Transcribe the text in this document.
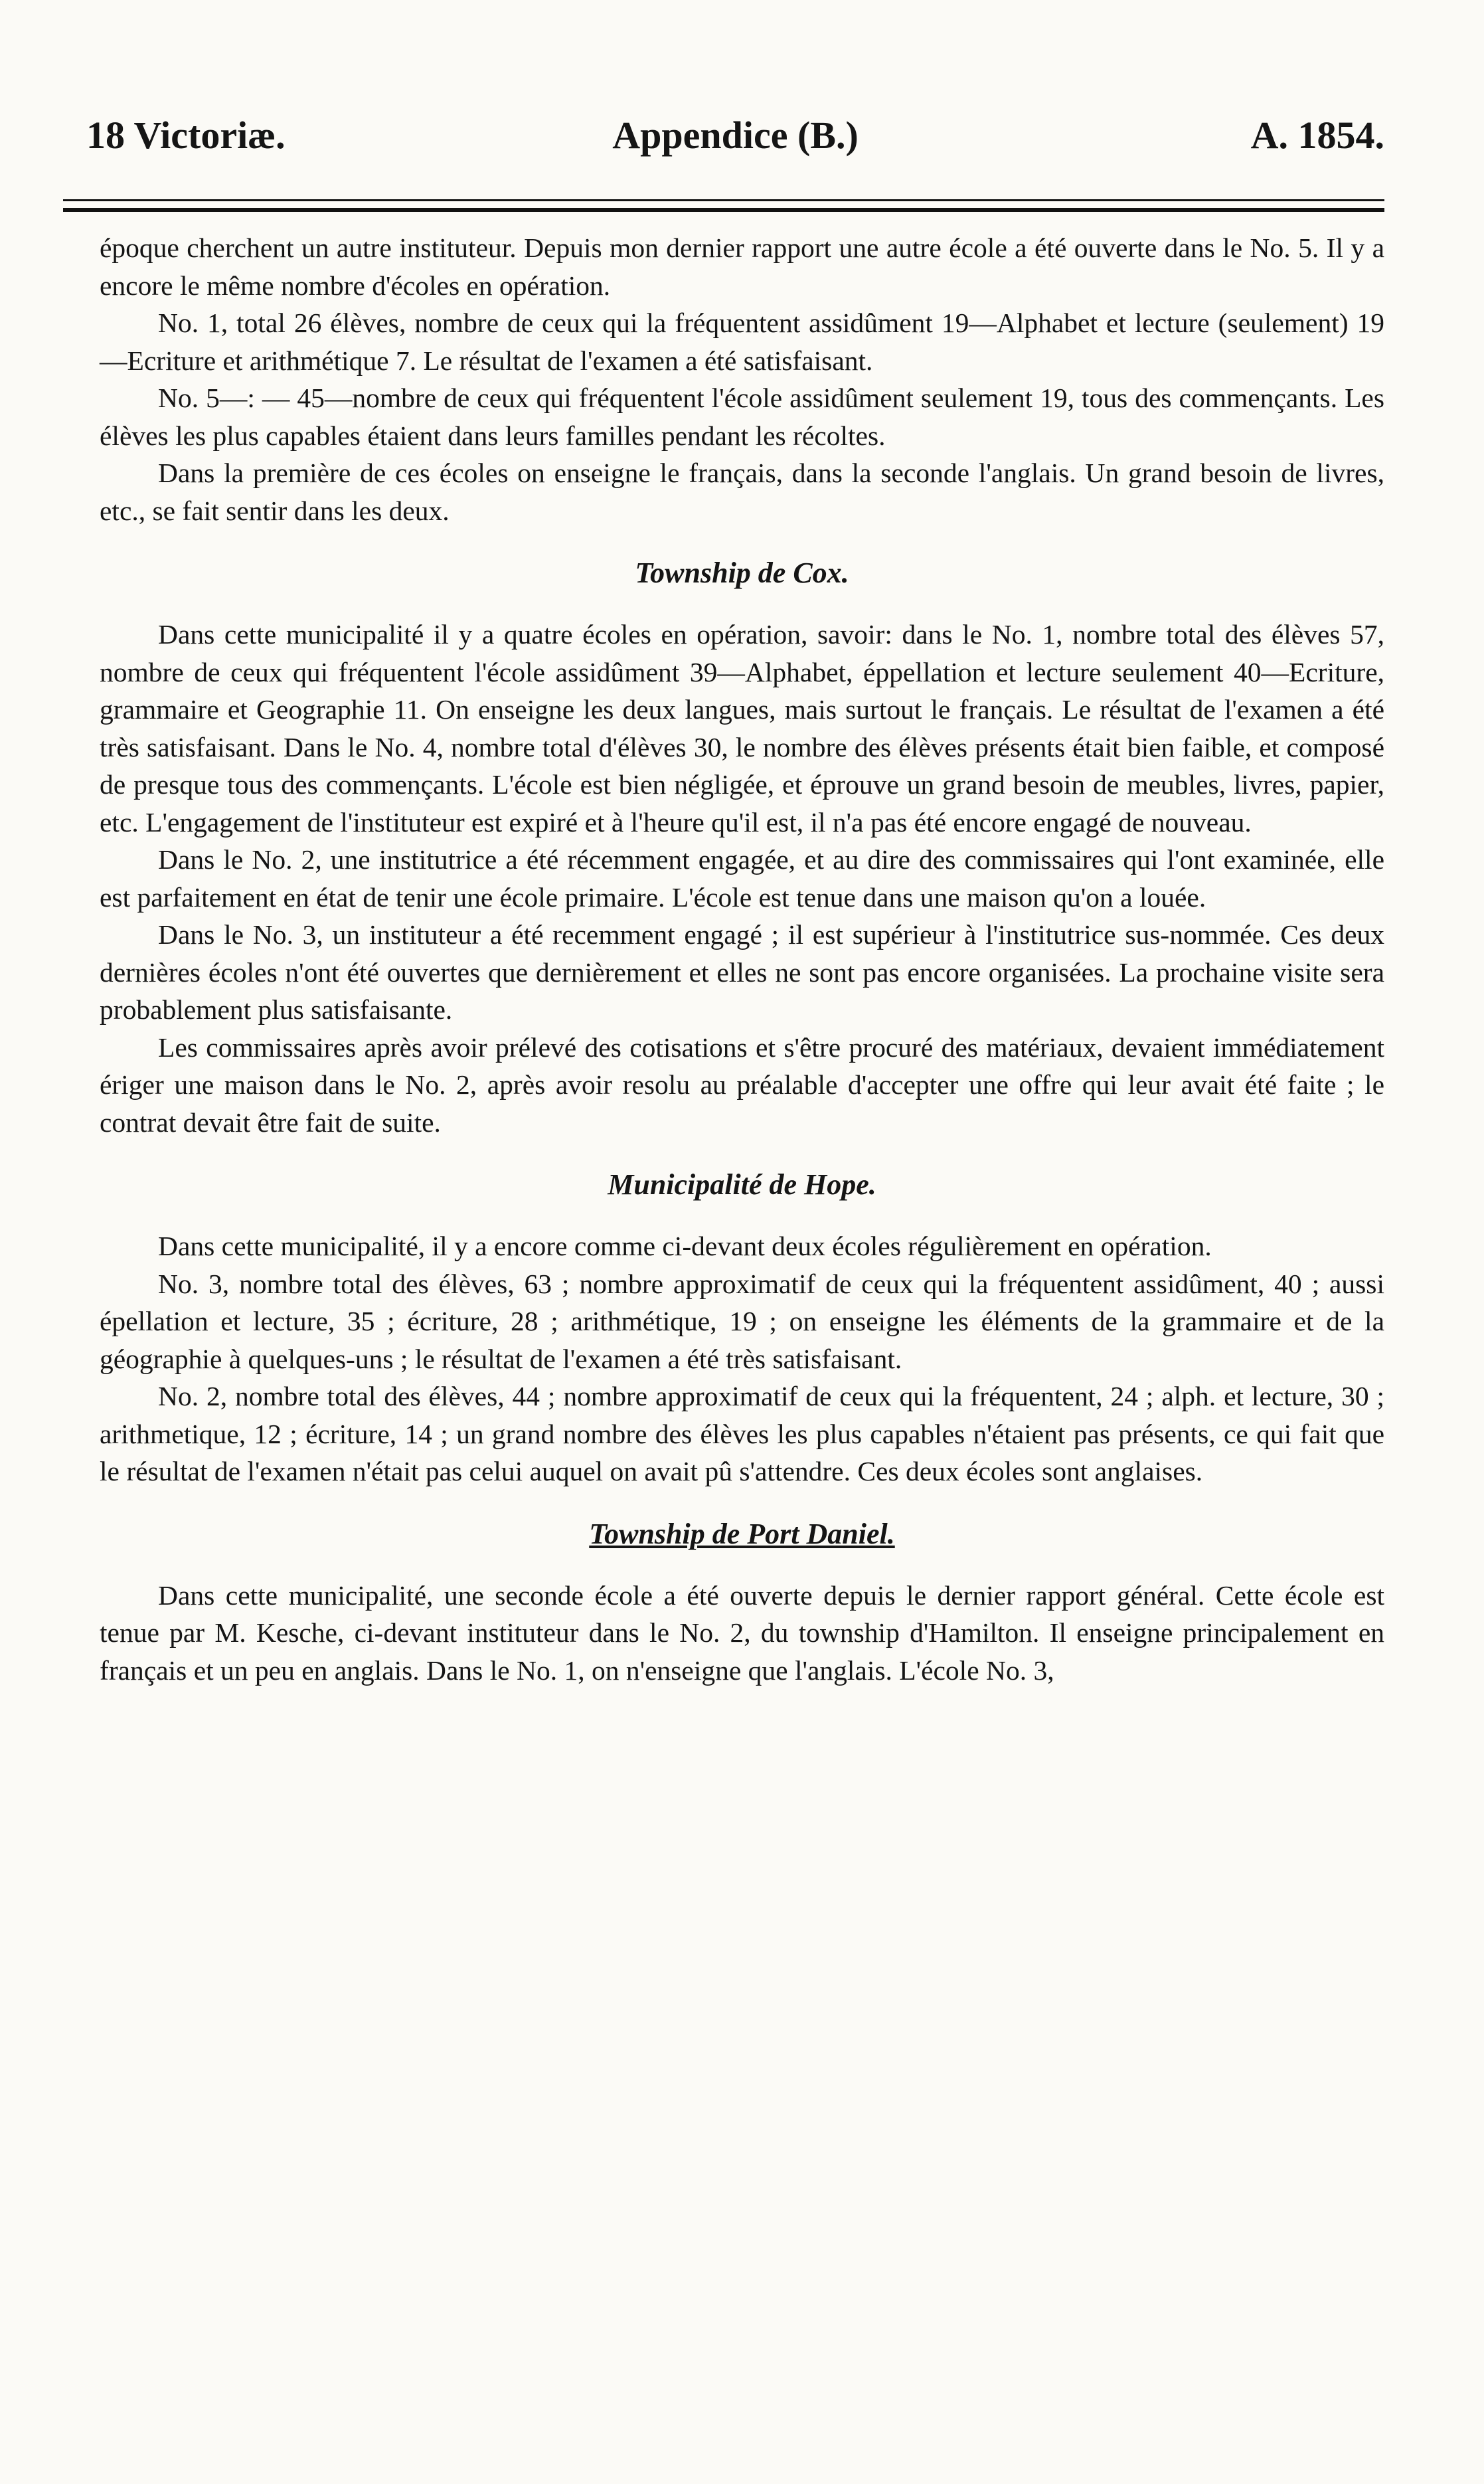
18 Victoriæ.	Appendice (B.)	A. 1854.

époque cherchent un autre instituteur. Depuis mon dernier rapport une autre école a été ouverte dans le No. 5. Il y a encore le même nombre d'écoles en opération.

No. 1, total 26 élèves, nombre de ceux qui la fréquentent assidûment 19—Alphabet et lecture (seulement) 19—Ecriture et arithmétique 7. Le résultat de l'examen a été satisfaisant.

No. 5—: — 45—nombre de ceux qui fréquentent l'école assidûment seulement 19, tous des commençants. Les élèves les plus capables étaient dans leurs familles pendant les récoltes.

Dans la première de ces écoles on enseigne le français, dans la seconde l'anglais. Un grand besoin de livres, etc., se fait sentir dans les deux.

Township de Cox.

Dans cette municipalité il y a quatre écoles en opération, savoir: dans le No. 1, nombre total des élèves 57, nombre de ceux qui fréquentent l'école assidûment 39—Alphabet, éppellation et lecture seulement 40—Ecriture, grammaire et Geographie 11. On enseigne les deux langues, mais surtout le français. Le résultat de l'examen a été très satisfaisant. Dans le No. 4, nombre total d'élèves 30, le nombre des élèves présents était bien faible, et composé de presque tous des commençants. L'école est bien négligée, et éprouve un grand besoin de meubles, livres, papier, etc. L'engagement de l'instituteur est expiré et à l'heure qu'il est, il n'a pas été encore engagé de nouveau.

Dans le No. 2, une institutrice a été récemment engagée, et au dire des commissaires qui l'ont examinée, elle est parfaitement en état de tenir une école primaire. L'école est tenue dans une maison qu'on a louée.

Dans le No. 3, un instituteur a été recemment engagé ; il est supérieur à l'institutrice sus-nommée. Ces deux dernières écoles n'ont été ouvertes que dernièrement et elles ne sont pas encore organisées. La prochaine visite sera probablement plus satisfaisante.

Les commissaires après avoir prélevé des cotisations et s'être procuré des matériaux, devaient immédiatement ériger une maison dans le No. 2, après avoir resolu au préalable d'accepter une offre qui leur avait été faite ; le contrat devait être fait de suite.

Municipalité de Hope.

Dans cette municipalité, il y a encore comme ci-devant deux écoles régulièrement en opération.

No. 3, nombre total des élèves, 63 ; nombre approximatif de ceux qui la fréquentent assidûment, 40 ; aussi épellation et lecture, 35 ; écriture, 28 ; arithmétique, 19 ; on enseigne les éléments de la grammaire et de la géographie à quelques-uns ; le résultat de l'examen a été très satisfaisant.

No. 2, nombre total des élèves, 44 ; nombre approximatif de ceux qui la fréquentent, 24 ; alph. et lecture, 30 ; arithmetique, 12 ; écriture, 14 ; un grand nombre des élèves les plus capables n'étaient pas présents, ce qui fait que le résultat de l'examen n'était pas celui auquel on avait pû s'attendre. Ces deux écoles sont anglaises.

Township de Port Daniel.

Dans cette municipalité, une seconde école a été ouverte depuis le dernier rapport général. Cette école est tenue par M. Kesche, ci-devant instituteur dans le No. 2, du township d'Hamilton. Il enseigne principalement en français et un peu en anglais. Dans le No. 1, on n'enseigne que l'anglais. L'école No. 3,
